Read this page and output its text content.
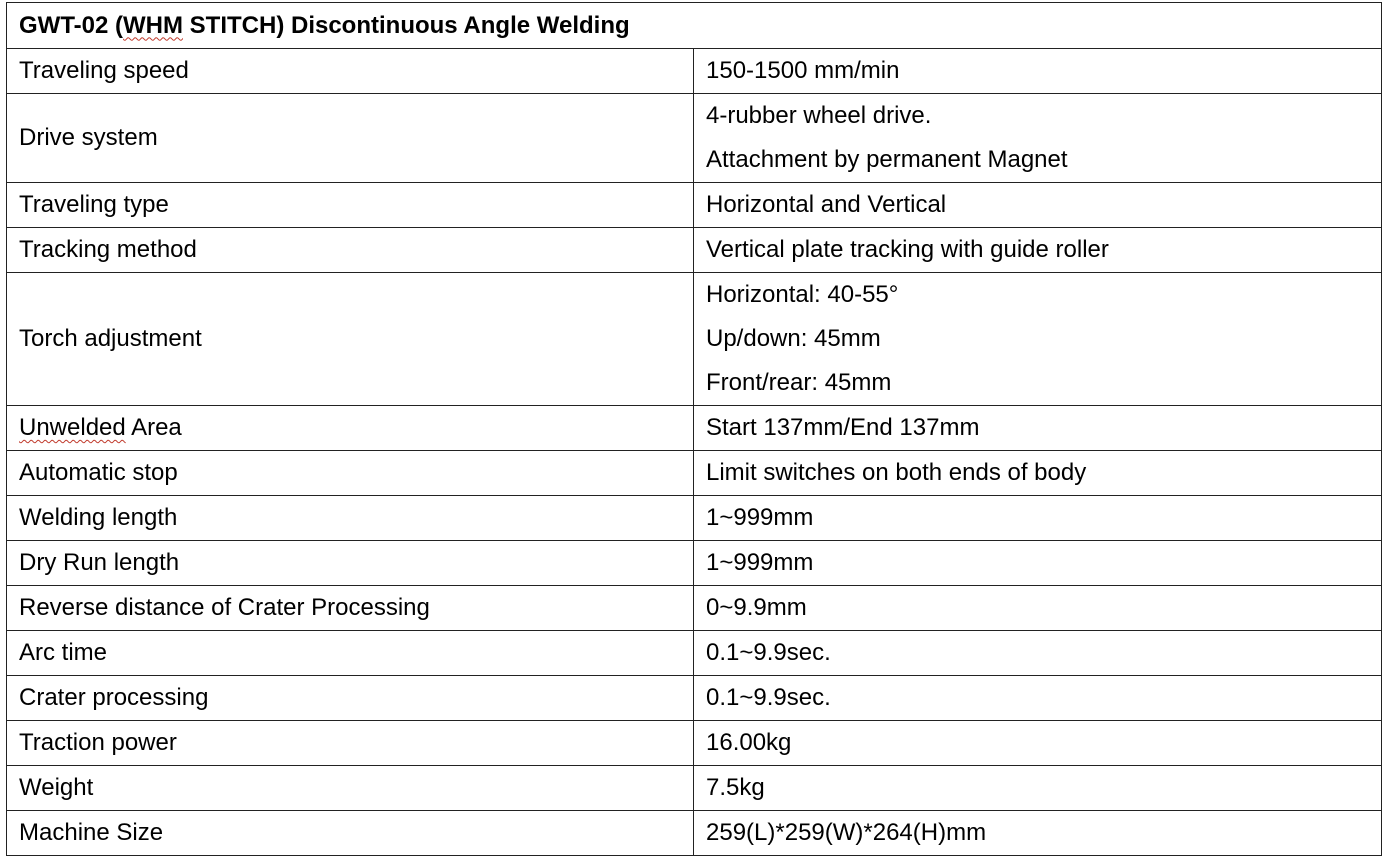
GWT-02 (WHM STITCH) Discontinuous Angle Welding	
Traveling speed	150-1500 mm/min

Drive system	4-rubber wheel drive.
Attachment by permanent Magnet

Traveling type	Horizontal and Vertical

Tracking method	Vertical plate tracking with guide roller

Torch adjustment	Horizontal: 40-55°
Up/down: 45mm
Front/rear: 45mm

Unwelded Area	Start 137mm/End 137mm

Automatic stop	Limit switches on both ends of body

Welding length	1~999mm

Dry Run length	1~999mm

Reverse distance of Crater Processing	0~9.9mm

Arc time	0.1~9.9sec.

Crater processing	0.1~9.9sec.

Traction power	16.00kg

Weight	7.5kg

Machine Size	259(L)*259(W)*264(H)mm
